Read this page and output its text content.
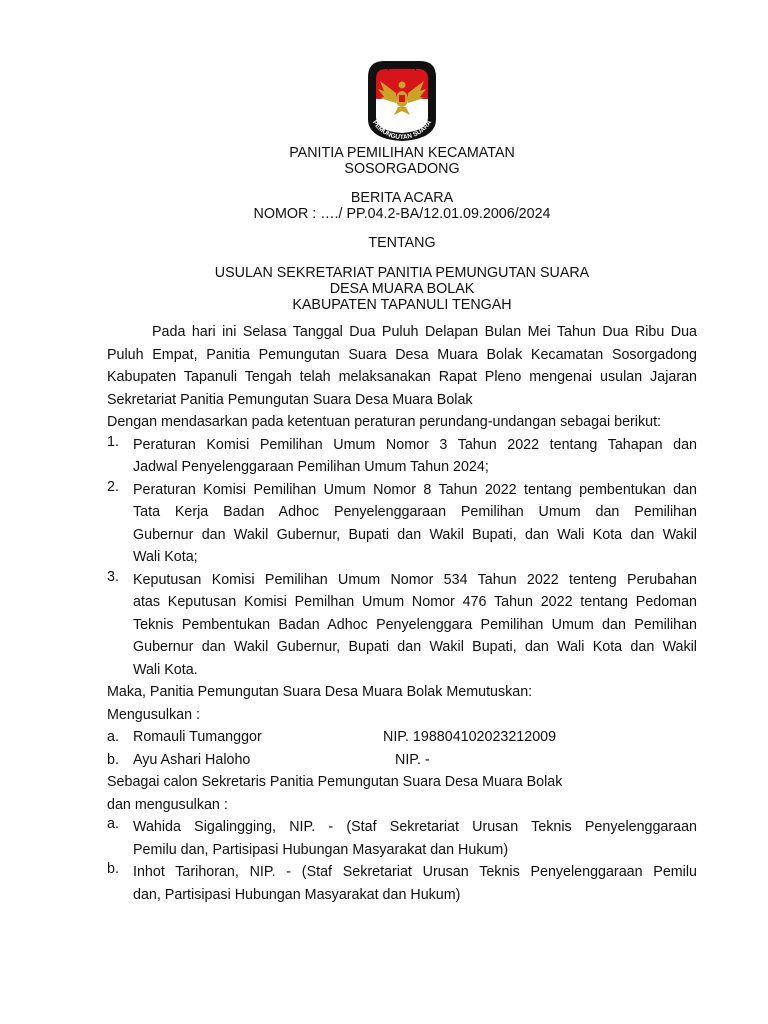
PANITIA
PEMUNGUTAN SUARA
PANITIA PEMILIHAN KECAMATAN
SOSORGADONG
BERITA ACARA
NOMOR : …./ PP.04.2-BA/12.01.09.2006/2024
TENTANG
USULAN SEKRETARIAT PANITIA PEMUNGUTAN SUARA
DESA MUARA BOLAK
KABUPATEN TAPANULI TENGAH

Pada hari ini Selasa Tanggal Dua Puluh Delapan Bulan Mei Tahun Dua Ribu Dua

Puluh Empat, Panitia Pemungutan Suara Desa Muara Bolak Kecamatan Sosorgadong

Kabupaten Tapanuli Tengah telah melaksanakan Rapat Pleno mengenai usulan Jajaran

Sekretariat Panitia Pemungutan Suara Desa Muara Bolak

Dengan mendasarkan pada ketentuan peraturan perundang-undangan sebagai berikut:

1. Peraturan Komisi Pemilihan Umum Nomor 3 Tahun 2022 tentang Tahapan dan
Jadwal Penyelenggaraan Pemilihan Umum Tahun 2024;
2. Peraturan Komisi Pemilihan Umum Nomor 8 Tahun 2022 tentang pembentukan dan
Tata Kerja Badan Adhoc Penyelenggaraan Pemilihan Umum dan Pemilihan
Gubernur dan Wakil Gubernur, Bupati dan Wakil Bupati, dan Wali Kota dan Wakil
Wali Kota;
3. Keputusan Komisi Pemilihan Umum Nomor 534 Tahun 2022 tenteng Perubahan
atas Keputusan Komisi Pemilhan Umum Nomor 476 Tahun 2022 tentang Pedoman
Teknis Pembentukan Badan Adhoc Penyelenggara Pemilihan Umum dan Pemilihan
Gubernur dan Wakil Gubernur, Bupati dan Wakil Bupati, dan Wali Kota dan Wakil
Wali Kota.

Maka, Panitia Pemungutan Suara Desa Muara Bolak Memutuskan:

Mengusulkan :

a. Romauli Tumanggor	NIP. 198804102023212009
b. Ayu Ashari Haloho	NIP. -

Sebagai calon Sekretaris Panitia Pemungutan Suara Desa Muara Bolak

dan mengusulkan :

a. Wahida Sigalingging, NIP. - (Staf Sekretariat Urusan Teknis Penyelenggaraan
Pemilu dan, Partisipasi Hubungan Masyarakat dan Hukum)
b. Inhot Tarihoran, NIP. - (Staf Sekretariat Urusan Teknis Penyelenggaraan Pemilu
dan, Partisipasi Hubungan Masyarakat dan Hukum)
